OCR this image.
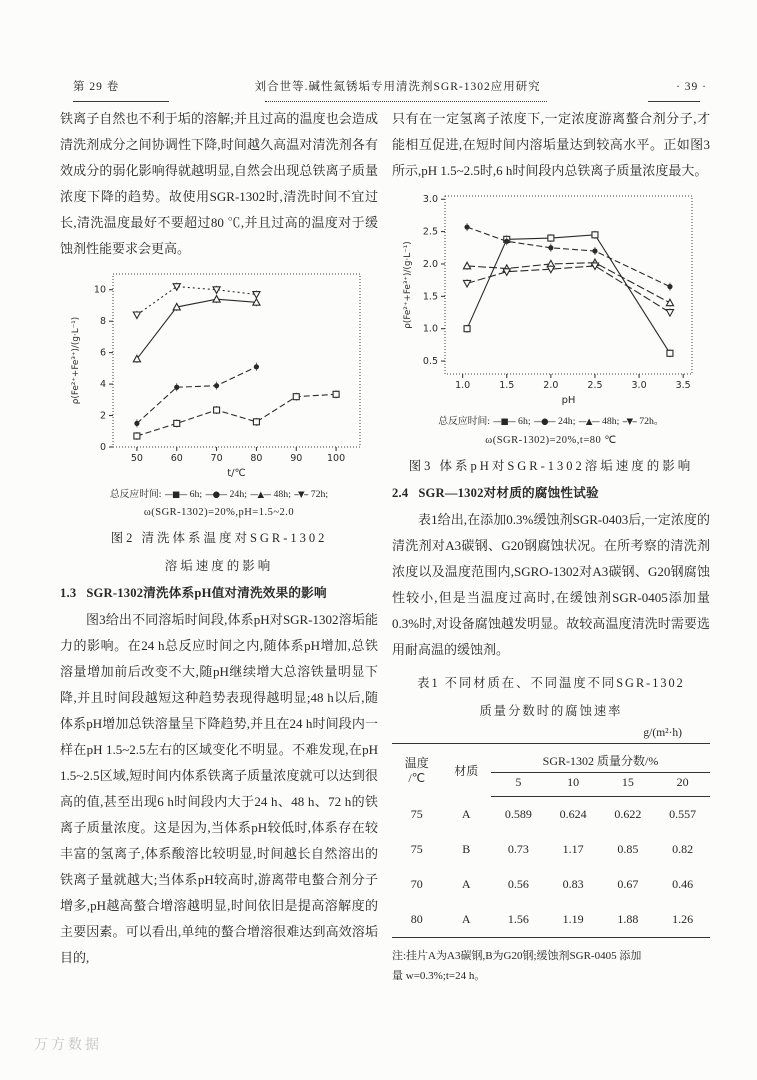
第 29 卷	刘合世等.碱性氮锈垢专用清洗剂SGR-1302应用研究	· 39 ·

铁离子自然也不利于垢的溶解;并且过高的温度也会造成清洗剂成分之间协调性下降,时间越久高温对清洗剂各有效成分的弱化影响得就越明显,自然会出现总铁离子质量浓度下降的趋势。故使用SGR-1302时,清洗时间不宜过长,清洗温度最好不要超过80 ℃,并且过高的温度对于缓蚀剂性能要求会更高。

50	60	70	80	90	100
0
2
4
6
8
10
t/℃
ρ(Fe²⁺+Fe³⁺)/(g·L⁻¹)
总反应时间: —■— 6h; —●— 24h; —▲— 48h; --▼-- 72h;
ω(SGR-1302)=20%,pH=1.5~2.0
图2 清洗体系温度对SGR-1302
溶垢速度的影响
1.3 SGR-1302清洗体系pH值对清洗效果的影响

图3给出不同溶垢时间段,体系pH对SGR-1302溶垢能力的影响。在24 h总反应时间之内,随体系pH增加,总铁溶量增加前后改变不大,随pH继续增大总溶铁量明显下降,并且时间段越短这种趋势表现得越明显;48 h以后,随体系pH增加总铁溶量呈下降趋势,并且在24 h时间段内一样在pH 1.5~2.5左右的区域变化不明显。不难发现,在pH 1.5~2.5区域,短时间内体系铁离子质量浓度就可以达到很高的值,甚至出现6 h时间段内大于24 h、48 h、72 h的铁离子质量浓度。这是因为,当体系pH较低时,体系存在较丰富的氢离子,体系酸溶比较明显,时间越长自然溶出的铁离子量就越大;当体系pH较高时,游离带电螯合剂分子增多,pH越高螯合增溶越明显,时间依旧是提高溶解度的主要因素。可以看出,单纯的螯合增溶很难达到高效溶垢目的,

只有在一定氢离子浓度下,一定浓度游离螯合剂分子,才能相互促进,在短时间内溶垢量达到较高水平。正如图3所示,pH 1.5~2.5时,6 h时间段内总铁离子质量浓度最大。

1.0	1.5	2.0	2.5	3.0	3.5
0.5
1.0
1.5
2.0
2.5
3.0
pH
ρ(Fe²⁺+Fe³⁺)/(g·L⁻¹)
总反应时间: —■— 6h; —●— 24h; —▲— 48h; --▼-- 72h。
ω(SGR-1302)=20%,t=80 ℃
图3 体系pH对SGR-1302溶垢速度的影响
2.4 SGR—1302对材质的腐蚀性试验

表1给出,在添加0.3%缓蚀剂SGR-0403后,一定浓度的清洗剂对A3碳钢、G20钢腐蚀状况。在所考察的清洗剂浓度以及温度范围内,SGRO-1302对A3碳钢、G20钢腐蚀性较小,但是当温度过高时,在缓蚀剂SGR-0405添加量0.3%时,对设备腐蚀越发明显。故较高温度清洗时需要选用耐高温的缓蚀剂。

表1 不同材质在、不同温度不同SGR-1302
质量分数时的腐蚀速率
g/(m²·h)
温度
/℃	材质	SGR-1302 质量分数/%			
		5	10	15	20
75	A	0.589	0.624	0.622	0.557
75	B	0.73	1.17	0.85	0.82
70	A	0.56	0.83	0.67	0.46
80	A	1.56	1.19	1.88	1.26
注:挂片A为A3碳钢,B为G20钢;缓蚀剂SGR-0405 添加
量 w=0.3%;t=24 h。
万方数据
